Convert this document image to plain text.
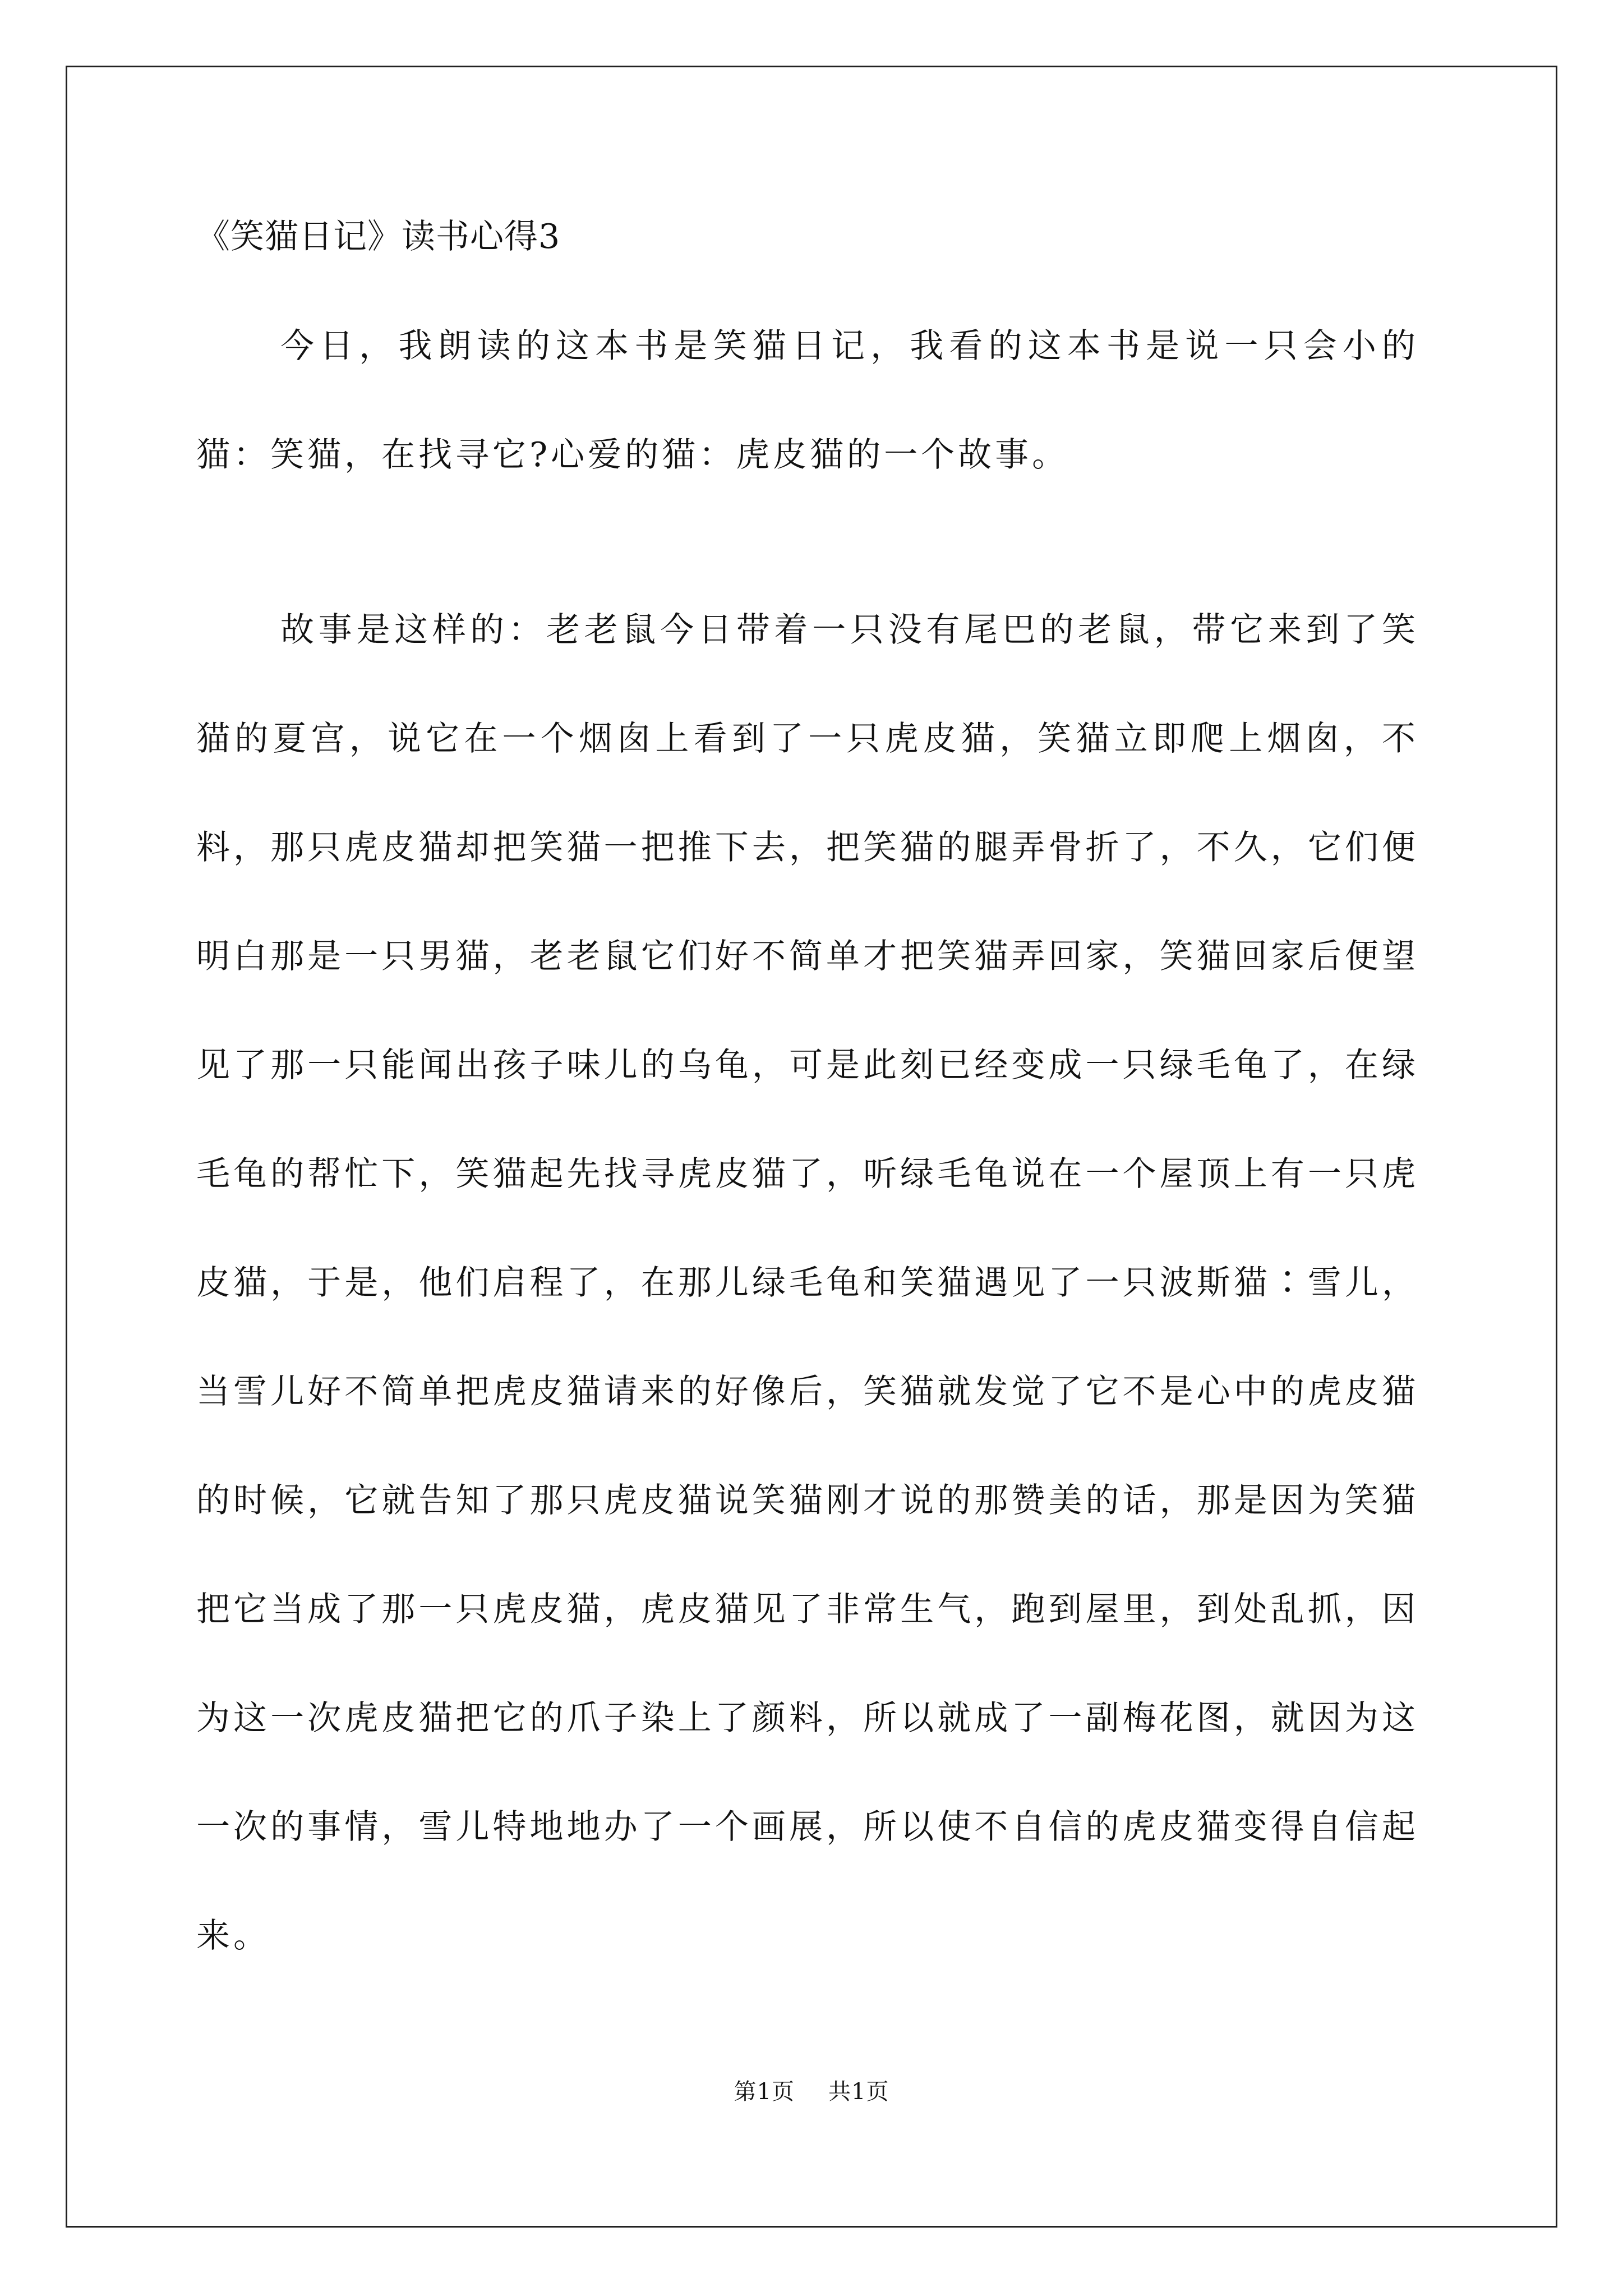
《笑猫日记》读书心得3

今日，我朗读的这本书是笑猫日记，我看的这本书是说一只会小的猫：笑猫，在找寻它?心爱的猫：虎皮猫的一个故事。

故事是这样的：老老鼠今日带着一只没有尾巴的老鼠，带它来到了笑猫的夏宫，说它在一个烟囱上看到了一只虎皮猫，笑猫立即爬上烟囱，不料，那只虎皮猫却把笑猫一把推下去，把笑猫的腿弄骨折了，不久，它们便明白那是一只男猫，老老鼠它们好不简单才把笑猫弄回家，笑猫回家后便望见了那一只能闻出孩子味儿的乌龟，可是此刻已经变成一只绿毛龟了，在绿毛龟的帮忙下，笑猫起先找寻虎皮猫了，听绿毛龟说在一个屋顶上有一只虎皮猫，于是，他们启程了，在那儿绿毛龟和笑猫遇见了一只波斯猫∶雪儿，当雪儿好不简单把虎皮猫请来的好像后，笑猫就发觉了它不是心中的虎皮猫的时候，它就告知了那只虎皮猫说笑猫刚才说的那赞美的话，那是因为笑猫把它当成了那一只虎皮猫，虎皮猫见了非常生气，跑到屋里，到处乱抓，因为这一次虎皮猫把它的爪子染上了颜料，所以就成了一副梅花图，就因为这一次的事情，雪儿特地地办了一个画展，所以使不自信的虎皮猫变得自信起来。

第1页 共1页
